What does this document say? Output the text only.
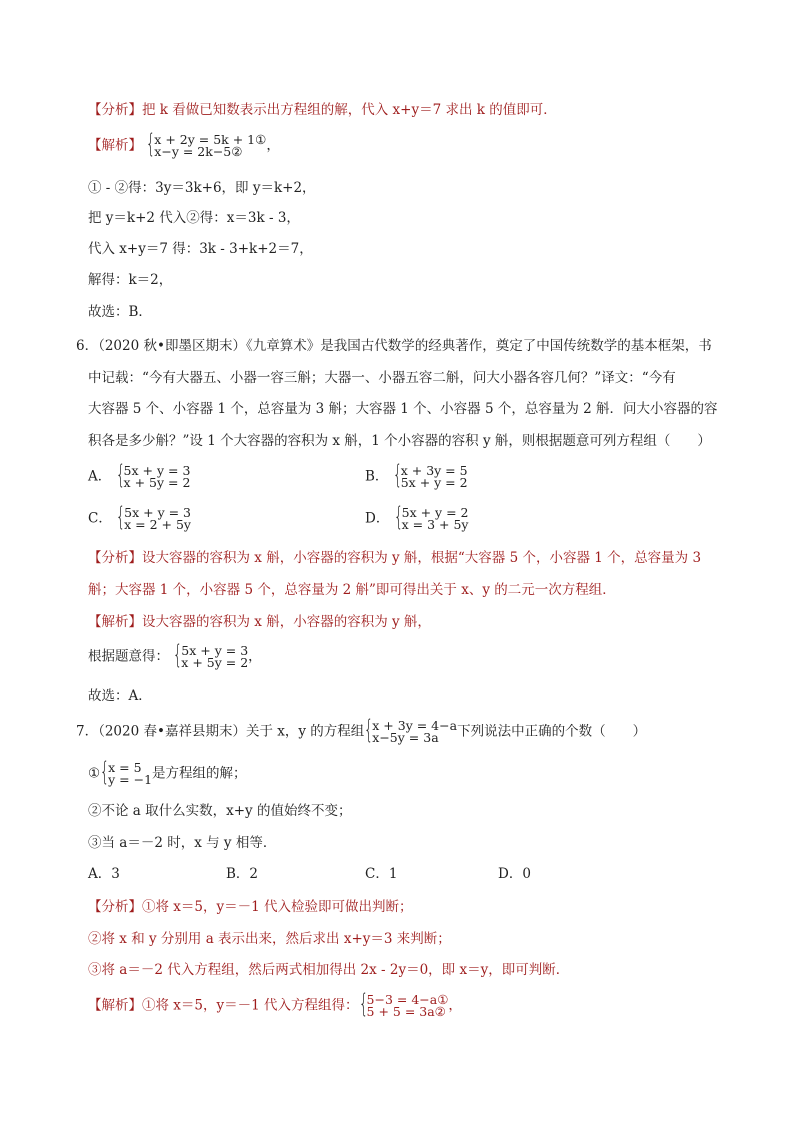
【分析】把 k 看做已知数表示出方程组的解，代入 x+y＝7 求出 k 的值即可．
【解析】 { x + 2y = 5k + 1①
x−y = 2k−5②	，
① - ②得：3y＝3k+6，即 y＝k+2，
把 y＝k+2 代入②得：x＝3k - 3，
代入 x+y＝7 得：3k - 3+k+2＝7，
解得：k＝2，
故选：B．
6．（2020 秋•即墨区期末）《九章算术》是我国古代数学的经典著作，奠定了中国传统数学的基本框架，书
中记载：“今有大器五、小器一容三斛；大器一、小器五容二斛，问大小器各容几何？”译文：“今有
大容器 5 个、小容器 1 个，总容量为 3 斛；大容器 1 个、小容器 5 个，总容量为 2 斛．问大小容器的容
积各是多少斛？”设 1 个大容器的容积为 x 斛，1 个小容器的容积 y 斛，则根据题意可列方程组（　　）
A． { 5x + y = 3
x + 5y = 2	B． { x + 3y = 5
5x + y = 2
C． { 5x + y = 3
x = 2 + 5y	D． { 5x + y = 2
x = 3 + 5y
【分析】设大容器的容积为 x 斛，小容器的容积为 y 斛，根据“大容器 5 个，小容器 1 个，总容量为 3
斛；大容器 1 个，小容器 5 个，总容量为 2 斛”即可得出关于 x、y 的二元一次方程组．
【解析】设大容器的容积为 x 斛，小容器的容积为 y 斛，
根据题意得： { 5x + y = 3
x + 5y = 2 ，
故选：A．
7．（2020 春•嘉祥县期末）关于 x，y 的方程组 { x + 3y = 4−a
x−5y = 3a	下列说法中正确的个数（　　）
① { x = 5
y = −1 是方程组的解；
②不论 a 取什么实数，x+y 的值始终不变；
③当 a＝－2 时，x 与 y 相等．
A．3	B．2	C．1	D．0
【分析】①将 x＝5，y＝－1 代入检验即可做出判断；
②将 x 和 y 分别用 a 表示出来，然后求出 x+y＝3 来判断；
③将 a＝－2 代入方程组，然后两式相加得出 2x - 2y＝0，即 x＝y，即可判断．
【解析】①将 x＝5，y＝－1 代入方程组得： { 5−3 = 4−a①
5 + 5 = 3a② ，
